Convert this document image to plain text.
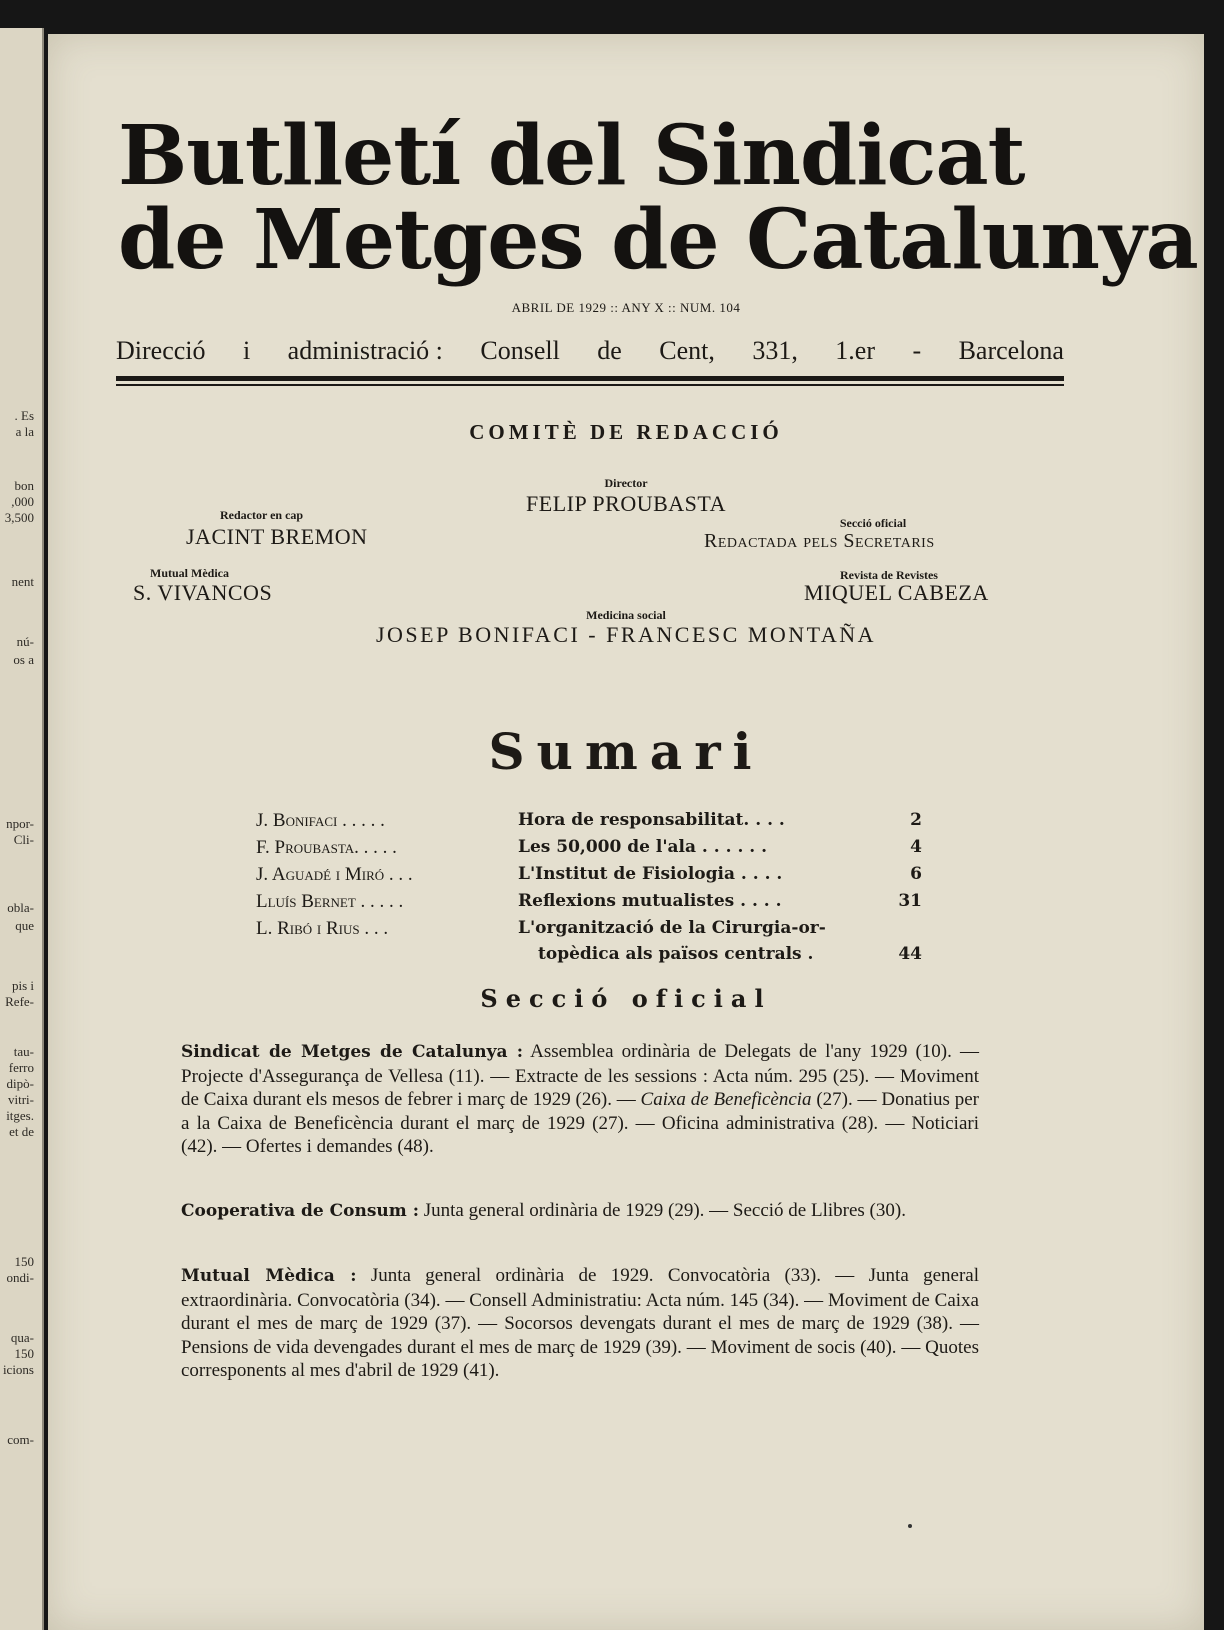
. Es
a la
bon
,000
3,500
nent
nú-
os a
npor-
Cli-
obla-
que
pis i
Refe-
tau-
ferro
dipò-
vitri-
itges.
et de
150
ondi-
qua-
150
icions
com-
Butlletí del Sindicat
de Metges de Catalunya
ABRIL DE 1929 :: ANY X :: NUM. 104
Direcció i administració : Consell de Cent, 331, 1.er - Barcelona
COMITÈ DE REDACCIÓ
Director
FELIP PROUBASTA
Redactor en cap
JACINT BREMON
Secció oficial
Redactada pels Secretaris
Mutual Mèdica
S. VIVANCOS
Revista de Revistes
MIQUEL CABEZA
Medicina social
JOSEP BONIFACI - FRANCESC MONTAÑA
Sumari
J. Bonifaci . . . . .	Hora de responsabilitat. . . .	2
F. Proubasta. . . . .	Les 50,000 de l'ala . . . . . .	4
J. Aguadé i Miró . . .	L'Institut de Fisiologia . . . .	6
Lluís Bernet . . . . .	Reflexions mutualistes . . . .	31
L. Ribó i Rius . . .	L'organització de la Cirurgia-or-
topèdica als països centrals .	44
Secció oficial
Sindicat de Metges de Catalunya : Assemblea ordinària de Delegats de l'any 1929 (10). — Projecte d'Assegurança de Vellesa (11). — Extracte de les sessions : Acta núm. 295 (25). — Moviment de Caixa durant els mesos de febrer i març de 1929 (26). — Caixa de Beneficència (27). — Donatius per a la Caixa de Beneficència durant el març de 1929 (27). — Oficina administrativa (28). — Noticiari (42). — Ofertes i demandes (48).
Cooperativa de Consum : Junta general ordinària de 1929 (29). — Secció de Llibres (30).
Mutual Mèdica : Junta general ordinària de 1929. Convocatòria (33). — Junta general extraordinària. Convocatòria (34). — Consell Administratiu: Acta núm. 145 (34). — Moviment de Caixa durant el mes de març de 1929 (37). — Socorsos devengats durant el mes de març de 1929 (38). — Pensions de vida devengades durant el mes de març de 1929 (39). — Moviment de socis (40). — Quotes corresponents al mes d'abril de 1929 (41).
